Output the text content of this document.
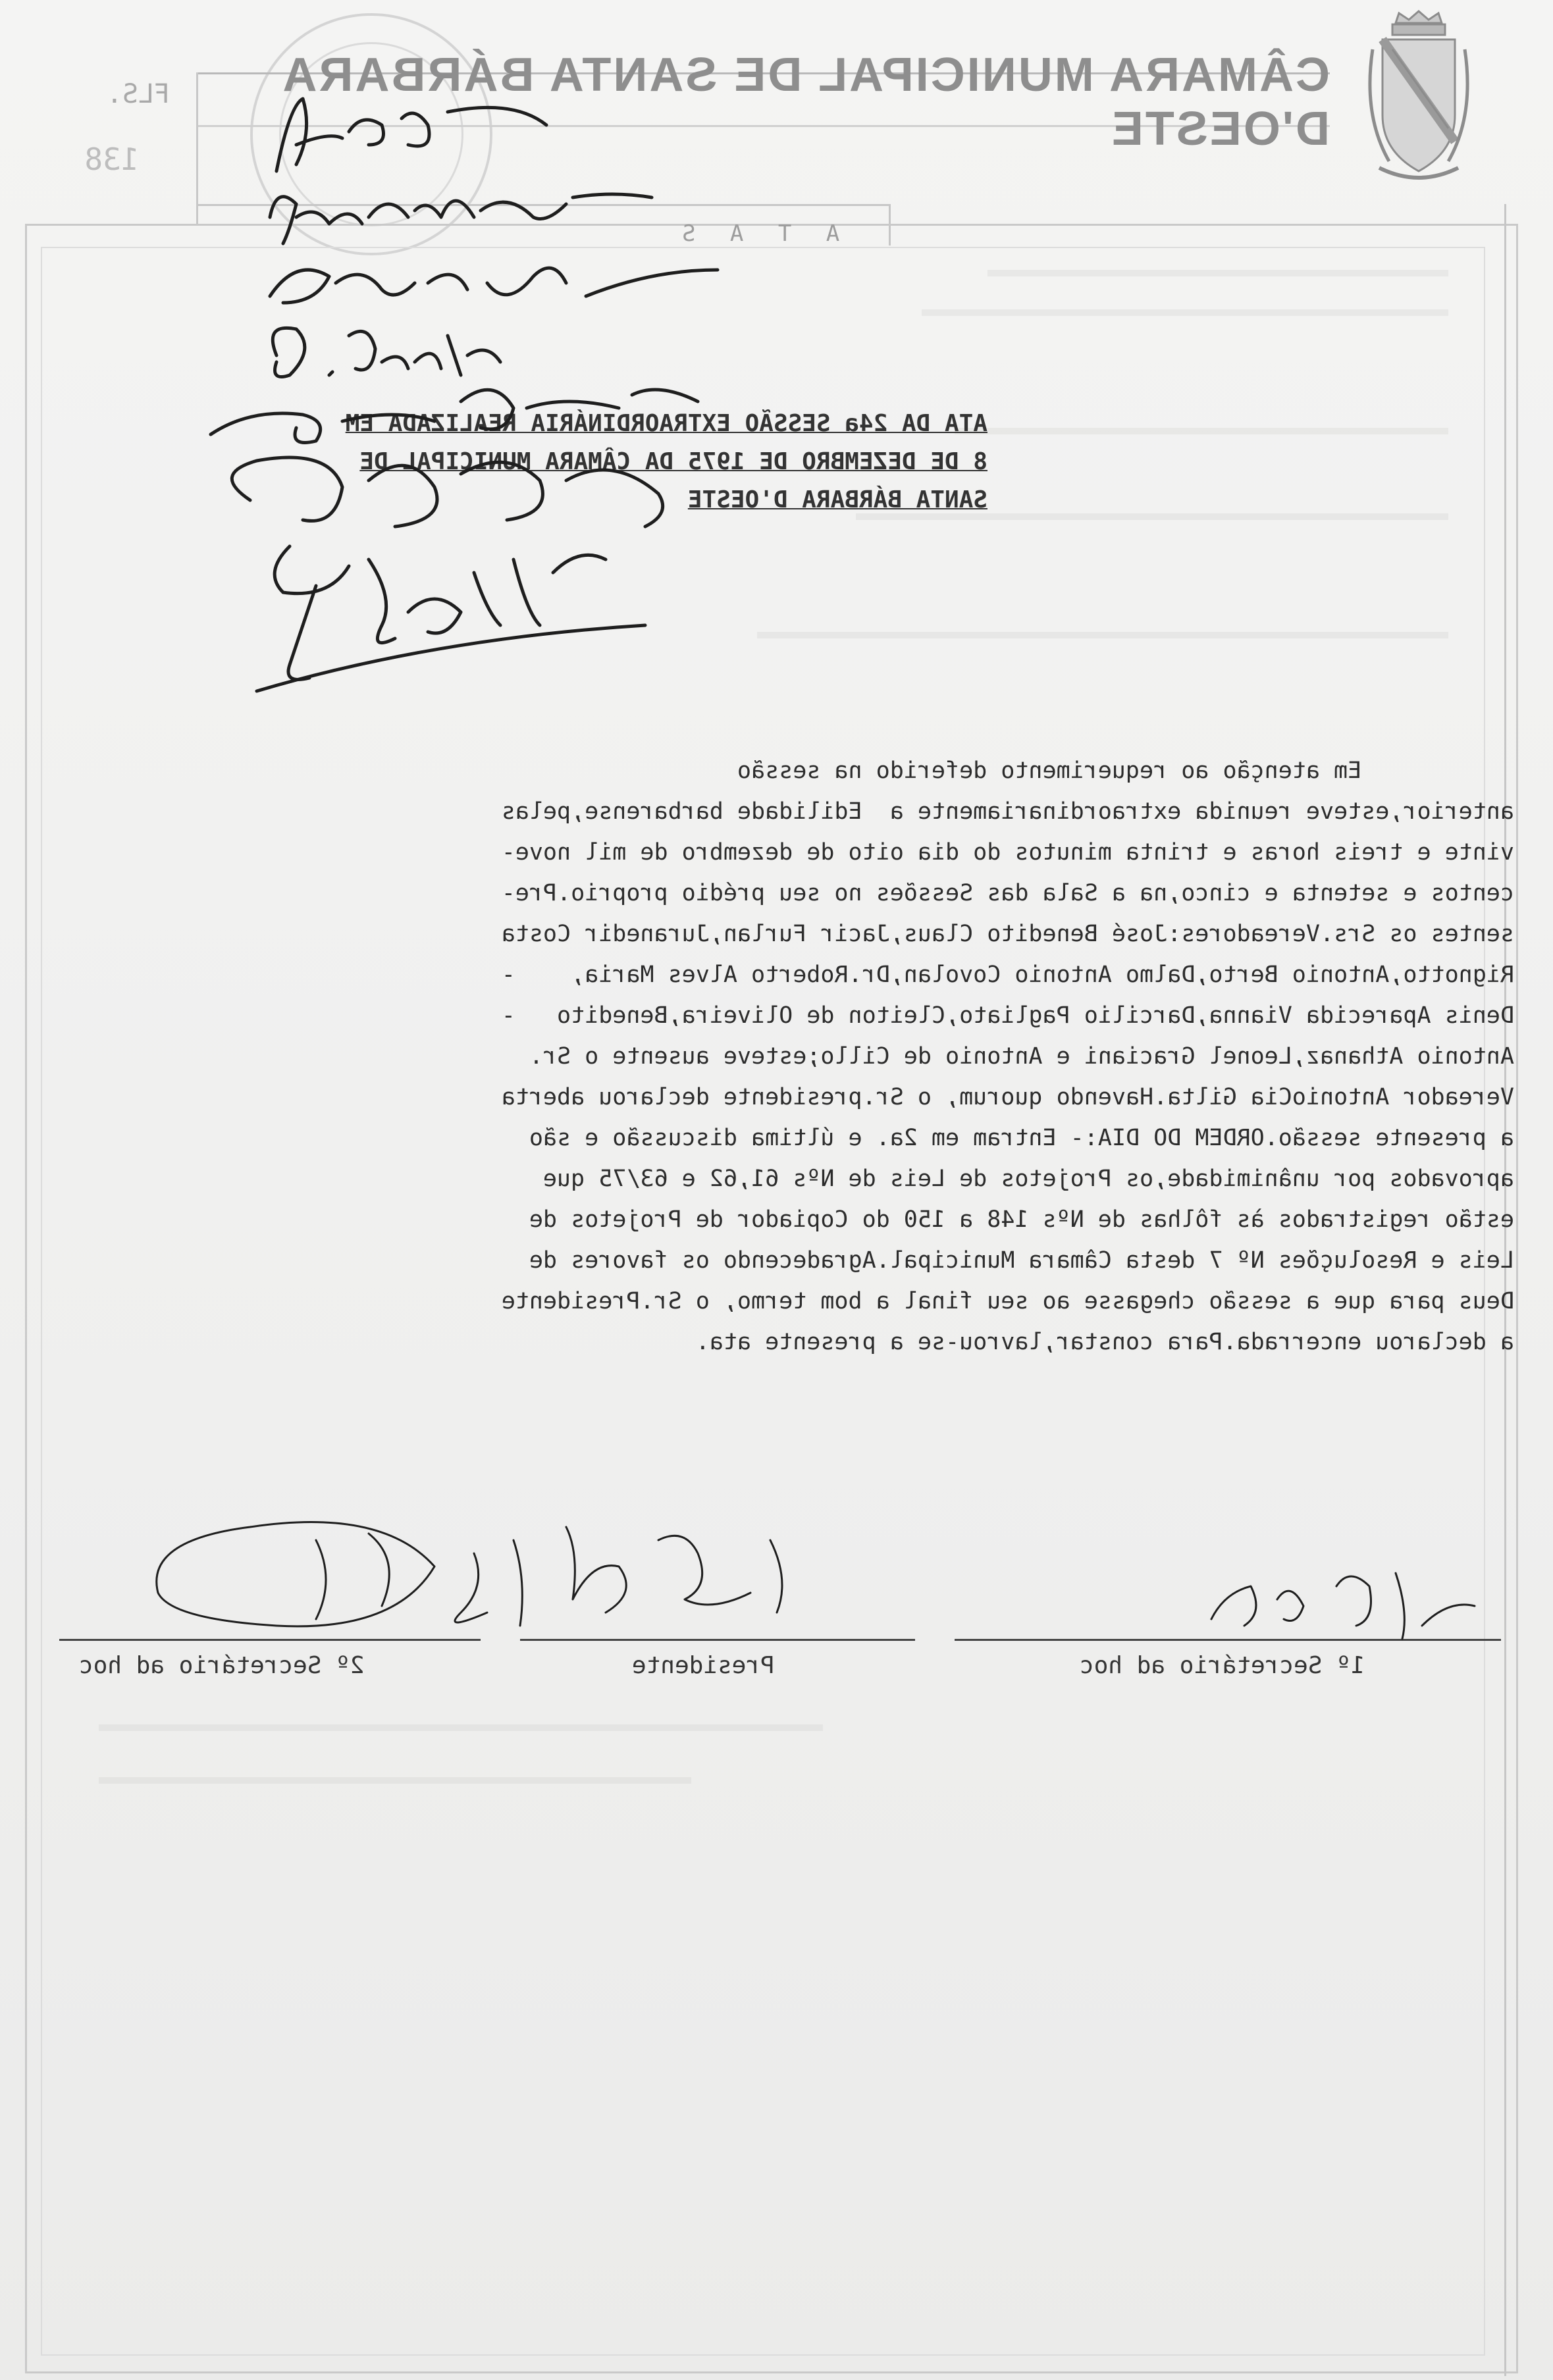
CÂMARA MUNICIPAL DE SANTA BÁRBARA D'OESTE
FLS.
138
A T A S
ATA DA 24a SESSÃO EXTRAORDINÁRIA REALIZADA EM
8 DE DEZEMBRO DE 1975 DA CÂMARA MUNICIPAL DE
SANTA BÁRBARA D'OESTE

Em atenção ao requerimento deferido na sessão

anterior,esteve reunida extraordinariamente a  Edilidade barbarense,pelas

vinte e treis horas e trinta minutos do dia oito de dezembro de mil nove-

centos e setenta e cinco,na a Sala das Sessões no seu prédio proprio.Pre-

sentes os Srs.Vereadores:José Benedito Claus,Jacir Furlan,Juranedir Costa

Rignotto,Antonio Berto,Dalmo Antonio Covolan,Dr.Roberto Alves Maria,    -

Denis Aparecida Vianna,Darcilio Pagliato,Cleiton de Oliveira,Benedito   -

Antonio Athanaz,Leonel Graciani e Antonio de Cillo;esteve ausente o Sr.

Vereador AntonioCia Gilta.Havendo quorum, o Sr.presidente declarou aberta

a presente sessão.ORDEM DO DIA:- Entram em 2a. e última discussão e são

aprovados por unânimidade,os Projetos de Leis de Nºs 61,62 e 63/75 que

estão registrados às fôlhas de Nºs 148 a 150 do Copiador de Projetos de

Leis e Resoluções Nº 7 desta Câmara Municipal.Agradecendo os favores de

Deus para que a sessão chegasse ao seu final a bom termo, o Sr.Presidente

a declarou encerrada.Para constar,lavrou-se a presente ata.

2º Secretário ad hoc	Presidente	1º Secretário ad hoc
